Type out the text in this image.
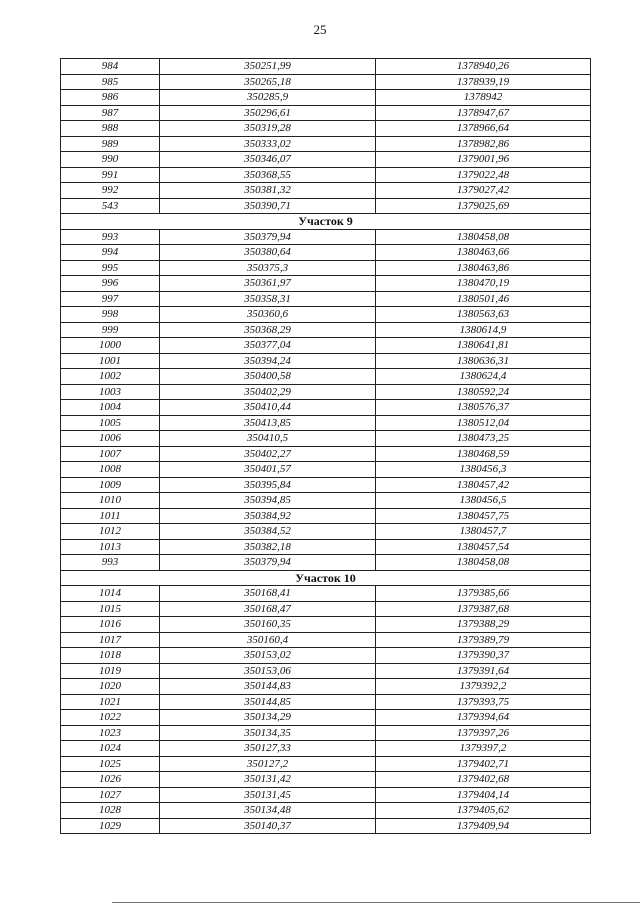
25
984	350251,99	1378940,26
985	350265,18	1378939,19
986	350285,9	1378942
987	350296,61	1378947,67
988	350319,28	1378966,64
989	350333,02	1378982,86
990	350346,07	1379001,96
991	350368,55	1379022,48
992	350381,32	1379027,42
543	350390,71	1379025,69
Участок 9		
993	350379,94	1380458,08
994	350380,64	1380463,66
995	350375,3	1380463,86
996	350361,97	1380470,19
997	350358,31	1380501,46
998	350360,6	1380563,63
999	350368,29	1380614,9
1000	350377,04	1380641,81
1001	350394,24	1380636,31
1002	350400,58	1380624,4
1003	350402,29	1380592,24
1004	350410,44	1380576,37
1005	350413,85	1380512,04
1006	350410,5	1380473,25
1007	350402,27	1380468,59
1008	350401,57	1380456,3
1009	350395,84	1380457,42
1010	350394,85	1380456,5
1011	350384,92	1380457,75
1012	350384,52	1380457,7
1013	350382,18	1380457,54
993	350379,94	1380458,08
Участок 10		
1014	350168,41	1379385,66
1015	350168,47	1379387,68
1016	350160,35	1379388,29
1017	350160,4	1379389,79
1018	350153,02	1379390,37
1019	350153,06	1379391,64
1020	350144,83	1379392,2
1021	350144,85	1379393,75
1022	350134,29	1379394,64
1023	350134,35	1379397,26
1024	350127,33	1379397,2
1025	350127,2	1379402,71
1026	350131,42	1379402,68
1027	350131,45	1379404,14
1028	350134,48	1379405,62
1029	350140,37	1379409,94
